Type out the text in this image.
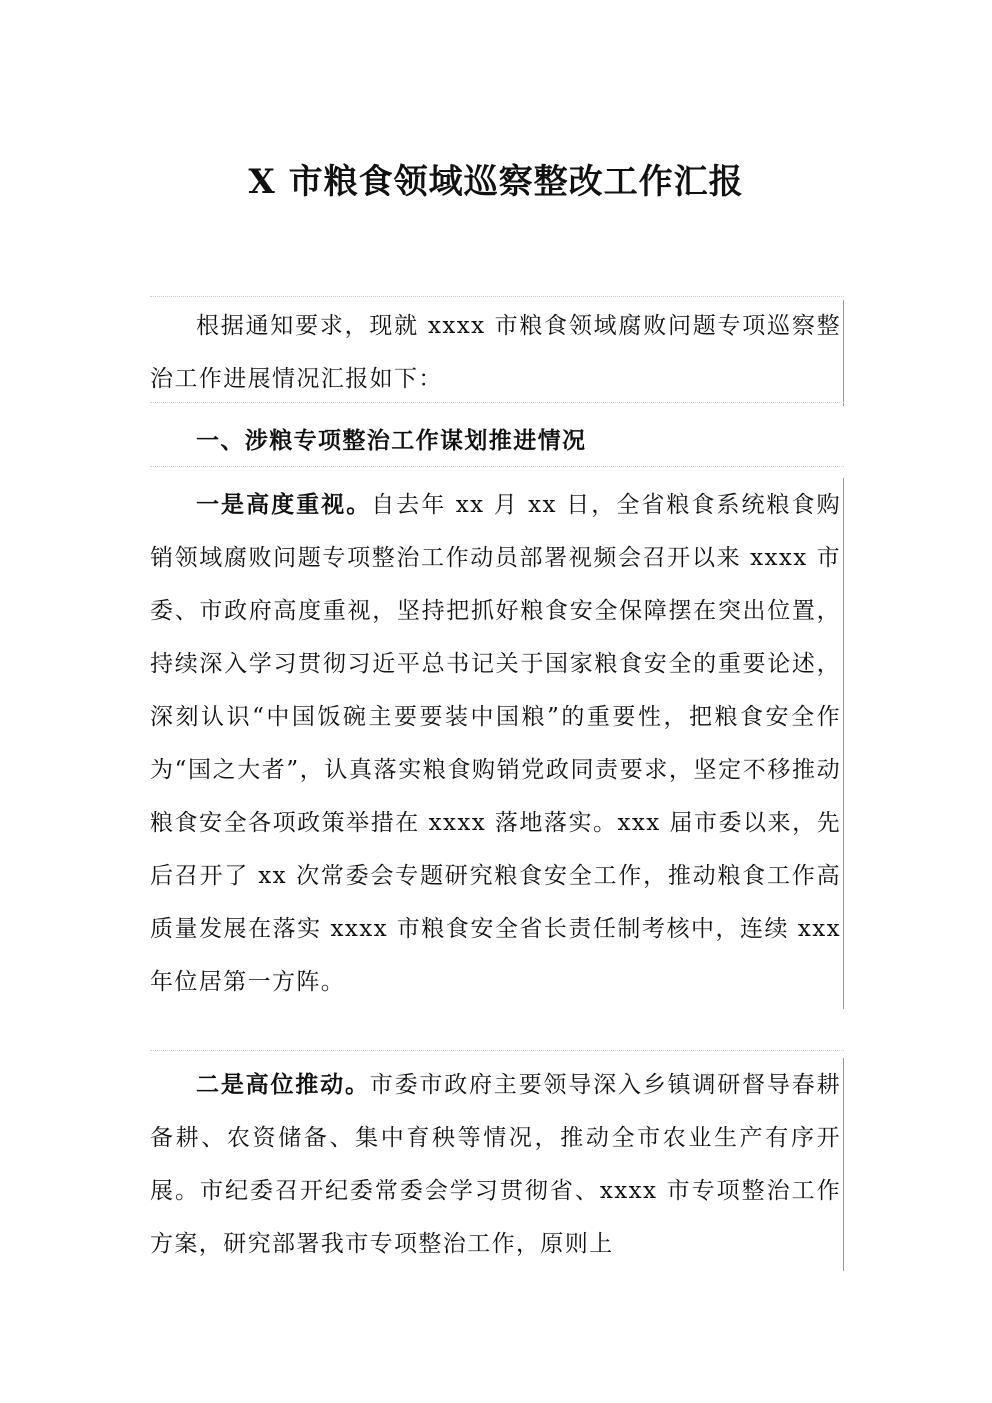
X 市粮食领域巡察整改工作汇报
根据通知要求，现就 xxxx 市粮食领域腐败问题专项巡察整治工作进展情况汇报如下：
一、涉粮专项整治工作谋划推进情况
一是高度重视。自去年 xx 月 xx 日，全省粮食系统粮食购销领域腐败问题专项整治工作动员部署视频会召开以来 xxxx 市委、市政府高度重视，坚持把抓好粮食安全保障摆在突出位置，持续深入学习贯彻习近平总书记关于国家粮食安全的重要论述，深刻认识“中国饭碗主要要装中国粮”的重要性，把粮食安全作为“国之大者”，认真落实粮食购销党政同责要求，坚定不移推动粮食安全各项政策举措在 xxxx 落地落实。xxx 届市委以来，先后召开了 xx 次常委会专题研究粮食安全工作，推动粮食工作高质量发展在落实 xxxx 市粮食安全省长责任制考核中，连续 xxx 年位居第一方阵。
二是高位推动。市委市政府主要领导深入乡镇调研督导春耕备耕、农资储备、集中育秧等情况，推动全市农业生产有序开展。市纪委召开纪委常委会学习贯彻省、xxxx 市专项整治工作方案，研究部署我市专项整治工作，原则上
